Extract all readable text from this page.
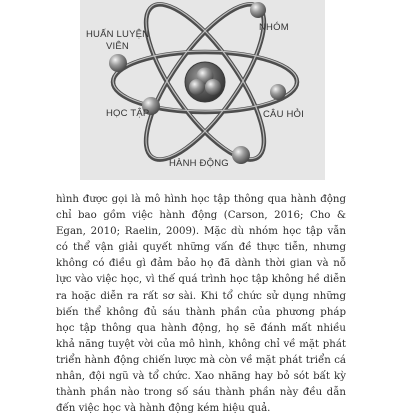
NHÓM
HUẤN LUYỆN
VIÊN
HỌC TẬP	CÂU HỎI
HÀNH ĐỘNG

hình được gọi là mô hình học tập thông qua hành động chỉ bao gồm việc hành động (Carson, 2016; Cho & Egan, 2010; Raelin, 2009). Mặc dù nhóm học tập vẫn có thể vận giải quyết những vấn đề thực tiễn, nhưng không có điều gì đảm bảo họ đã dành thời gian và nỗ lực vào việc học, vì thế quá trình học tập không hề diễn ra hoặc diễn ra rất sơ sài. Khi tổ chức sử dụng những biến thể không đủ sáu thành phần của phương pháp học tập thông qua hành động, họ sẽ đánh mất nhiều khả năng tuyệt vời của mô hình, không chỉ về mặt phát triển hành động chiến lược mà còn về mặt phát triển cá nhân, đội ngũ và tổ chức. Xao nhãng hay bỏ sót bất kỳ thành phần nào trong số sáu thành phần này đều dẫn đến việc học và hành động kém hiệu quả.
